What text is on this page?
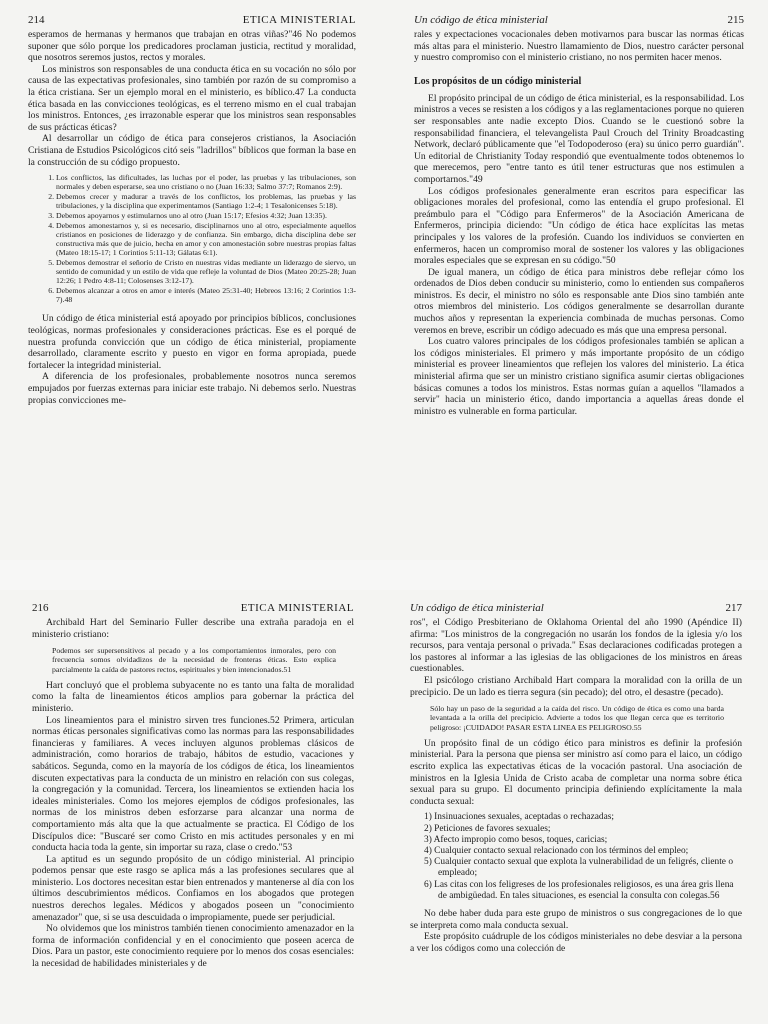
214	ETICA MINISTERIAL

esperamos de hermanas y hermanos que trabajan en otras viñas?"46 No podemos suponer que sólo porque los predicadores proclaman justicia, rectitud y moralidad, que nosotros seremos justos, rectos y morales.

Los ministros son responsables de una conducta ética en su vocación no sólo por causa de las expectativas profesionales, sino también por razón de su compromiso a la ética cristiana. Ser un ejemplo moral en el ministerio, es bíblico.47 La conducta ética basada en las convicciones teológicas, es el terreno mismo en el cual trabajan los ministros. Entonces, ¿es irrazonable esperar que los ministros sean responsables de sus prácticas éticas?

Al desarrollar un código de ética para consejeros cristianos, la Asociación Cristiana de Estudios Psicológicos citó seis "ladrillos" bíblicos que forman la base en la construcción de su código propuesto.

1. Los conflictos, las dificultades, las luchas por el poder, las pruebas y las tribulaciones, son normales y deben esperarse, sea uno cristiano o no (Juan 16:33; Salmo 37:7; Romanos 2:9).
2. Debemos crecer y madurar a través de los conflictos, los problemas, las pruebas y las tribulaciones, y la disciplina que experimentamos (Santiago 1:2-4; 1 Tesalonicenses 5:18).
3. Debemos apoyarnos y estimularnos uno al otro (Juan 15:17; Efesios 4:32; Juan 13:35).
4. Debemos amonestarnos y, si es necesario, disciplinarnos uno al otro, especialmente aquellos cristianos en posiciones de liderazgo y de confianza. Sin embargo, dicha disciplina debe ser constructiva más que de juicio, hecha en amor y con amonestación sobre nuestras propias faltas (Mateo 18:15-17; 1 Corintios 5:11-13; Gálatas 6:1).
5. Debemos demostrar el señorío de Cristo en nuestras vidas mediante un liderazgo de siervo, un sentido de comunidad y un estilo de vida que refleje la voluntad de Dios (Mateo 20:25-28; Juan 12:26; 1 Pedro 4:8-11; Colosenses 3:12-17).
6. Debemos alcanzar a otros en amor e interés (Mateo 25:31-40; Hebreos 13:16; 2 Corintios 1:3-7).48

Un código de ética ministerial está apoyado por principios bíblicos, conclusiones teológicas, normas profesionales y consideraciones prácticas. Ese es el porqué de nuestra profunda convicción que un código de ética ministerial, propiamente desarrollado, claramente escrito y puesto en vigor en forma apropiada, puede fortalecer la integridad ministerial.

A diferencia de los profesionales, probablemente nosotros nunca seremos empujados por fuerzas externas para iniciar este trabajo. Ni debemos serlo. Nuestras propias convicciones me-

Un código de ética ministerial	215

rales y expectaciones vocacionales deben motivarnos para buscar las normas éticas más altas para el ministerio. Nuestro llamamiento de Dios, nuestro carácter personal y nuestro compromiso con el ministerio cristiano, no nos permiten hacer menos.

Los propósitos de un código ministerial

El propósito principal de un código de ética ministerial, es la responsabilidad. Los ministros a veces se resisten a los códigos y a las reglamentaciones porque no quieren ser responsables ante nadie excepto Dios. Cuando se le cuestionó sobre la responsabilidad financiera, el televangelista Paul Crouch del Trinity Broadcasting Network, declaró públicamente que "el Todopoderoso (era) su único perro guardián". Un editorial de Christianity Today respondió que eventualmente todos obtenemos lo que merecemos, pero "entre tanto es útil tener estructuras que nos estimulen a comportarnos."49

Los códigos profesionales generalmente eran escritos para especificar las obligaciones morales del profesional, como las entendía el grupo profesional. El preámbulo para el "Código para Enfermeros" de la Asociación Americana de Enfermeros, principia diciendo: "Un código de ética hace explícitas las metas principales y los valores de la profesión. Cuando los individuos se convierten en enfermeros, hacen un compromiso moral de sostener los valores y las obligaciones morales especiales que se expresan en su código."50

De igual manera, un código de ética para ministros debe reflejar cómo los ordenados de Dios deben conducir su ministerio, como lo entienden sus compañeros ministros. Es decir, el ministro no sólo es responsable ante Dios sino también ante otros miembros del ministerio. Los códigos generalmente se desarrollan durante muchos años y representan la experiencia combinada de muchas personas. Como veremos en breve, escribir un código adecuado es más que una empresa personal.

Los cuatro valores principales de los códigos profesionales también se aplican a los códigos ministeriales. El primero y más importante propósito de un código ministerial es proveer lineamientos que reflejen los valores del ministerio. La ética ministerial afirma que ser un ministro cristiano significa asumir ciertas obligaciones básicas comunes a todos los ministros. Estas normas guían a aquellos "llamados a servir" hacia un ministerio ético, dando importancia a aquellas áreas donde el ministro es vulnerable en forma particular.

216	ETICA MINISTERIAL

Archibald Hart del Seminario Fuller describe una extraña paradoja en el ministerio cristiano:

Podemos ser supersensitivos al pecado y a los comportamientos inmorales, pero con frecuencia somos olvidadizos de la necesidad de fronteras éticas. Esto explica parcialmente la caída de pastores rectos, espirituales y bien intencionados.51

Hart concluyó que el problema subyacente no es tanto una falta de moralidad como la falta de lineamientos éticos amplios para gobernar la práctica del ministerio.

Los lineamientos para el ministro sirven tres funciones.52 Primera, articulan normas éticas personales significativas como las normas para las responsabilidades financieras y familiares. A veces incluyen algunos problemas clásicos de administración, como horarios de trabajo, hábitos de estudio, vacaciones y sabáticos. Segunda, como en la mayoría de los códigos de ética, los lineamientos discuten expectativas para la conducta de un ministro en relación con sus colegas, la congregación y la comunidad. Tercera, los lineamientos se extienden hacia los ideales ministeriales. Como los mejores ejemplos de códigos profesionales, las normas de los ministros deben esforzarse para alcanzar una norma de comportamiento más alta que la que actualmente se practica. El Código de los Discípulos dice: "Buscaré ser como Cristo en mis actitudes personales y en mi conducta hacia toda la gente, sin importar su raza, clase o credo."53

La aptitud es un segundo propósito de un código ministerial. Al principio podemos pensar que este rasgo se aplica más a las profesiones seculares que al ministerio. Los doctores necesitan estar bien entrenados y mantenerse al día con los últimos descubrimientos médicos. Confiamos en los abogados que protegen nuestros derechos legales. Médicos y abogados poseen un "conocimiento amenazador" que, si se usa descuidada o impropiamente, puede ser perjudicial.

No olvidemos que los ministros también tienen conocimiento amenazador en la forma de información confidencial y en el conocimiento que poseen acerca de Dios. Para un pastor, este conocimiento requiere por lo menos dos cosas esenciales: la necesidad de habilidades ministeriales y de

Un código de ética ministerial	217

ros", el Código Presbiteriano de Oklahoma Oriental del año 1990 (Apéndice II) afirma: "Los ministros de la congregación no usarán los fondos de la iglesia y/o los recursos, para ventaja personal o privada." Esas declaraciones codificadas protegen a los pastores al informar a las iglesias de las obligaciones de los ministros en áreas cuestionables.

El psicólogo cristiano Archibald Hart compara la moralidad con la orilla de un precipicio. De un lado es tierra segura (sin pecado); del otro, el desastre (pecado).

Sólo hay un paso de la seguridad a la caída del risco. Un código de ética es como una barda levantada a la orilla del precipicio. Advierte a todos los que llegan cerca que es territorio peligroso: ¡CUIDADO! PASAR ESTA LINEA ES PELIGROSO.55

Un propósito final de un código ético para ministros es definir la profesión ministerial. Para la persona que piensa ser ministro así como para el laico, un código escrito explica las expectativas éticas de la vocación pastoral. Una asociación de ministros en la Iglesia Unida de Cristo acaba de completar una norma sobre ética sexual para su grupo. El documento principia definiendo explícitamente la mala conducta sexual:

1) Insinuaciones sexuales, aceptadas o rechazadas;
2) Peticiones de favores sexuales;
3) Afecto impropio como besos, toques, caricias;
4) Cualquier contacto sexual relacionado con los términos del empleo;
5) Cualquier contacto sexual que explota la vulnerabilidad de un feligrés, cliente o empleado;
6) Las citas con los feligreses de los profesionales religiosos, es una área gris llena de ambigüedad. En tales situaciones, es esencial la consulta con colegas.56

No debe haber duda para este grupo de ministros o sus congregaciones de lo que se interpreta como mala conducta sexual.

Este propósito cuádruple de los códigos ministeriales no debe desviar a la persona a ver los códigos como una colección de
